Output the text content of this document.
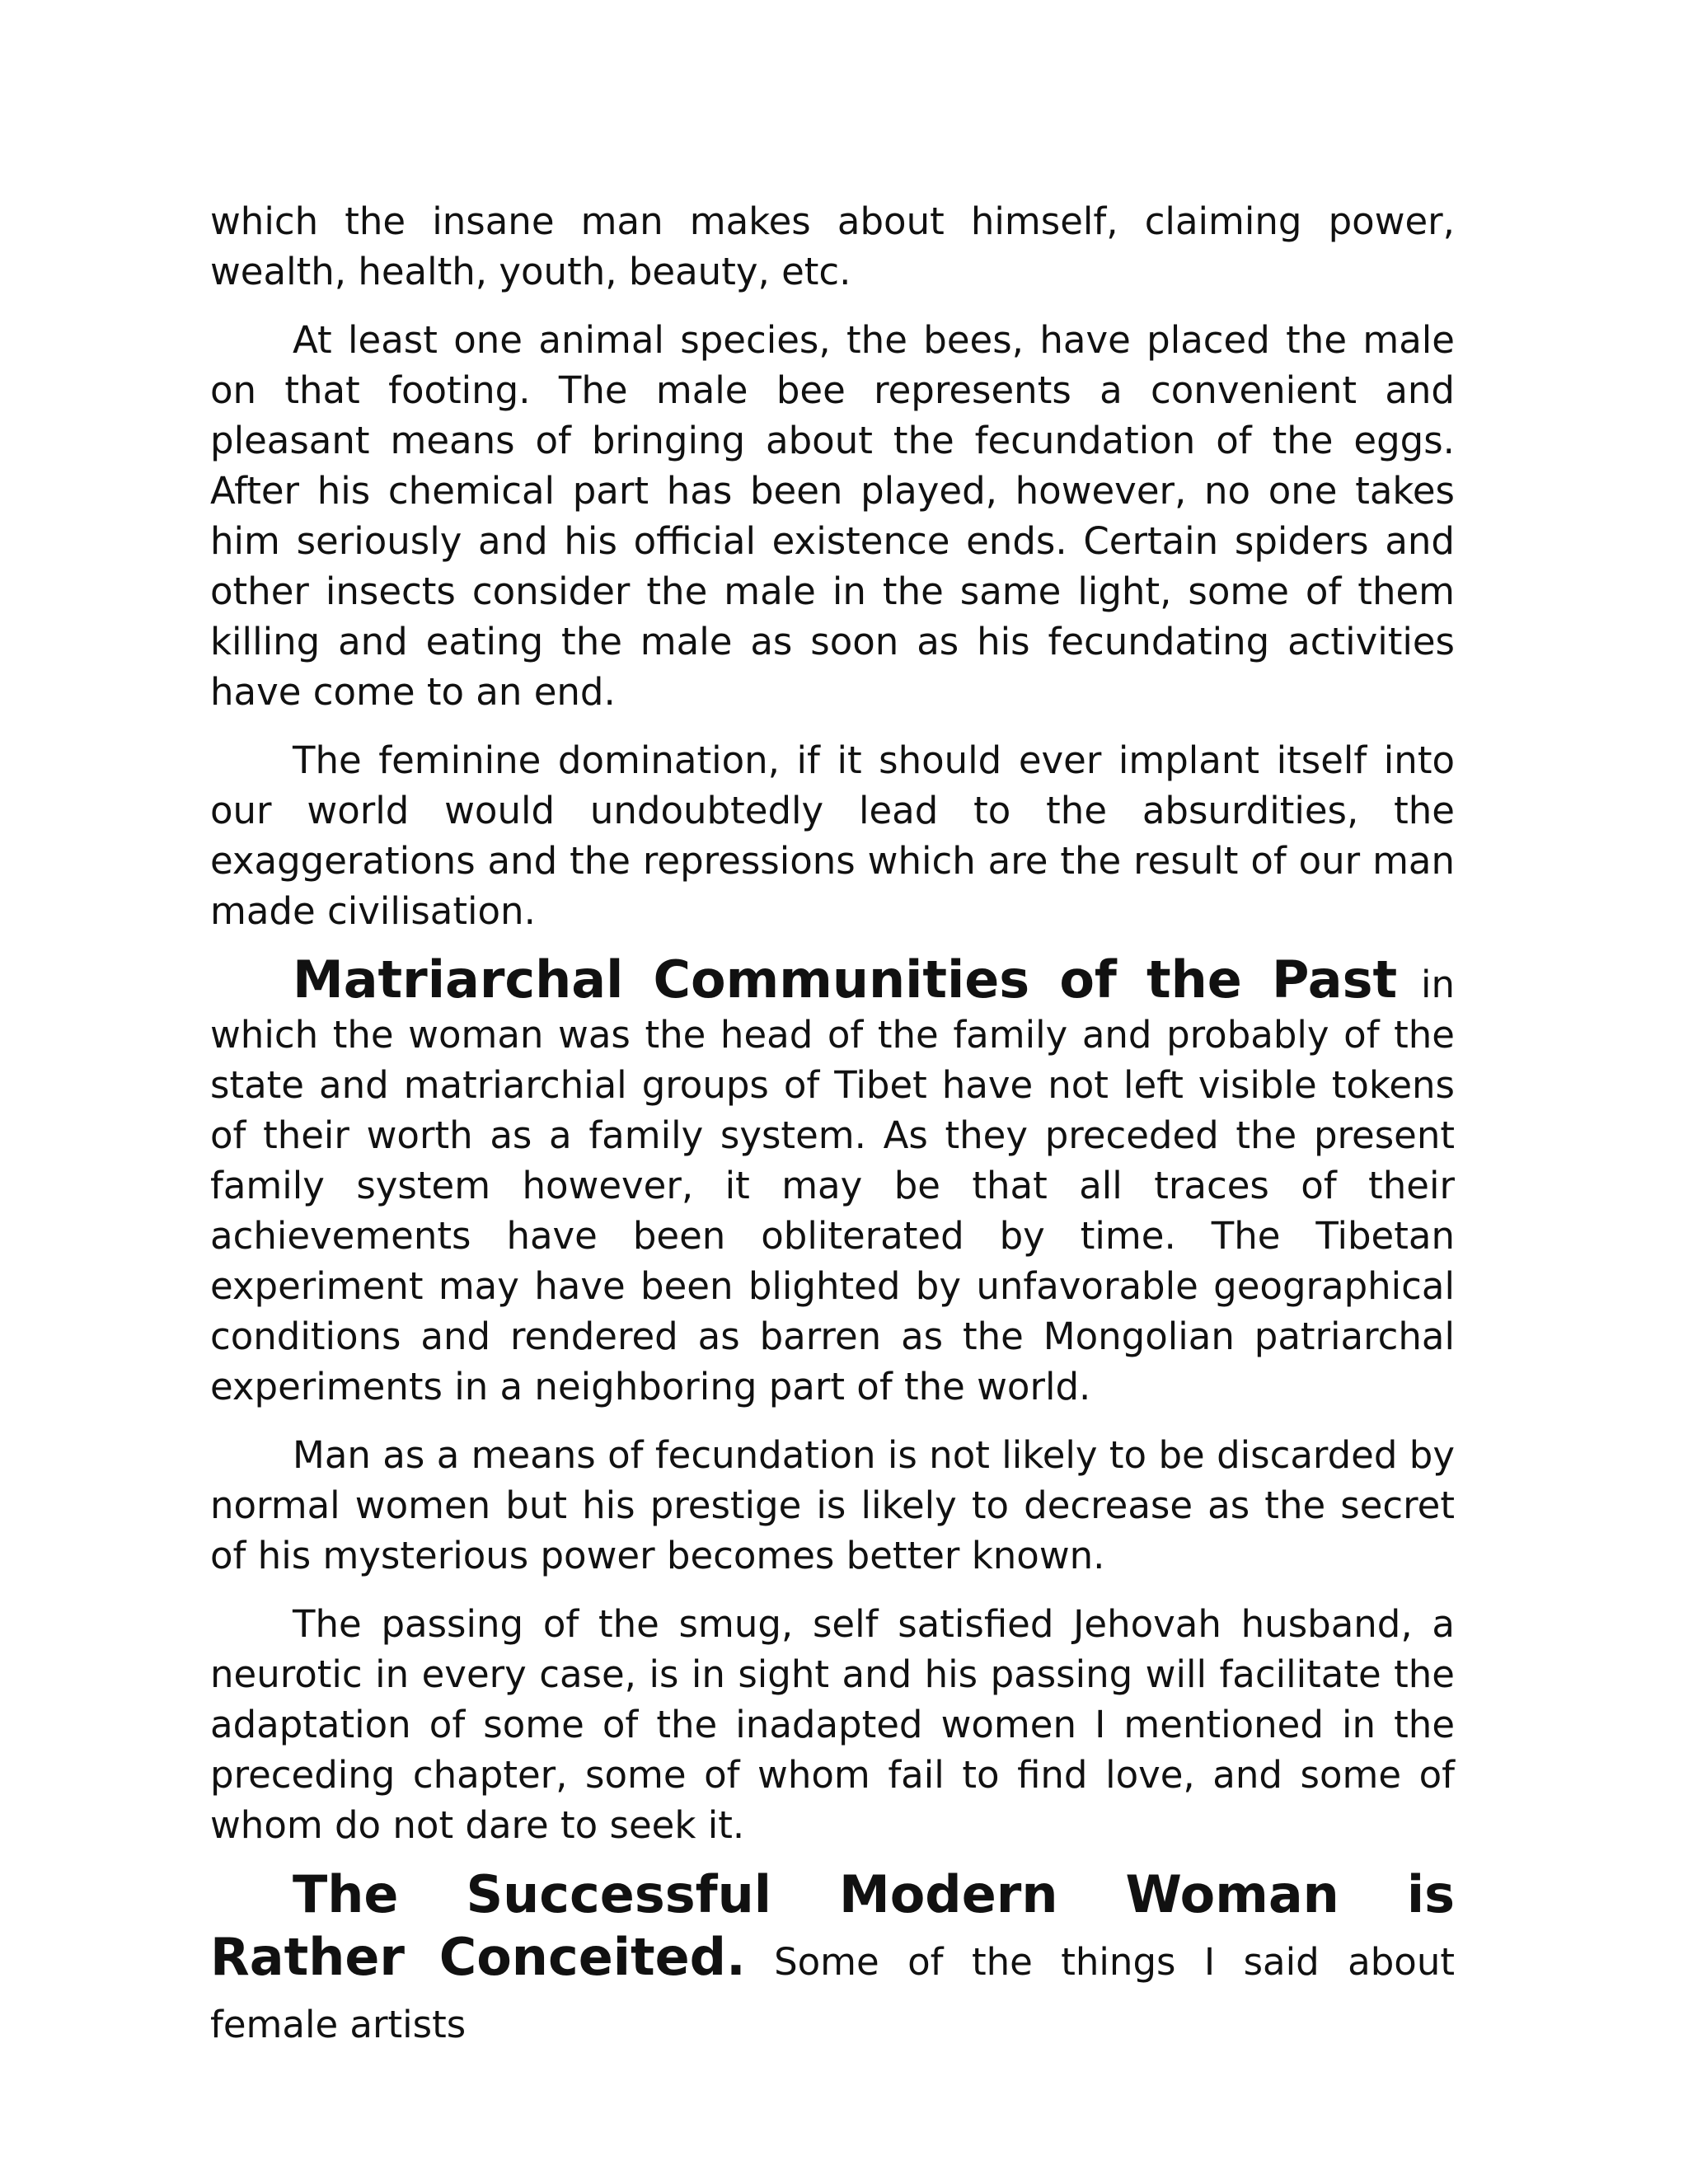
which the insane man makes about himself, claiming power, wealth, health, youth, beauty, etc.

At least one animal species, the bees, have placed the male on that footing. The male bee represents a convenient and pleasant means of bringing about the fecundation of the eggs. After his chemical part has been played, however, no one takes him seriously and his official existence ends. Certain spiders and other insects consider the male in the same light, some of them killing and eating the male as soon as his fecundating activities have come to an end.

The feminine domination, if it should ever implant itself into our world would undoubtedly lead to the absurdities, the exaggerations and the repressions which are the result of our man made civilisation.

Matriarchal Communities of the Past in which the woman was the head of the family and probably of the state and matriarchial groups of Tibet have not left visible tokens of their worth as a family system. As they preceded the present family system however, it may be that all traces of their achievements have been obliterated by time. The Tibetan experiment may have been blighted by unfavorable geographical conditions and rendered as barren as the Mongolian patriarchal experiments in a neighboring part of the world.

Man as a means of fecundation is not likely to be discarded by normal women but his prestige is likely to decrease as the secret of his mysterious power becomes better known.

The passing of the smug, self satisfied Jehovah husband, a neurotic in every case, is in sight and his passing will facilitate the adaptation of some of the inadapted women I mentioned in the preceding chapter, some of whom fail to find love, and some of whom do not dare to seek it.

The Successful Modern Woman is Rather Conceited. Some of the things I said about female artists
